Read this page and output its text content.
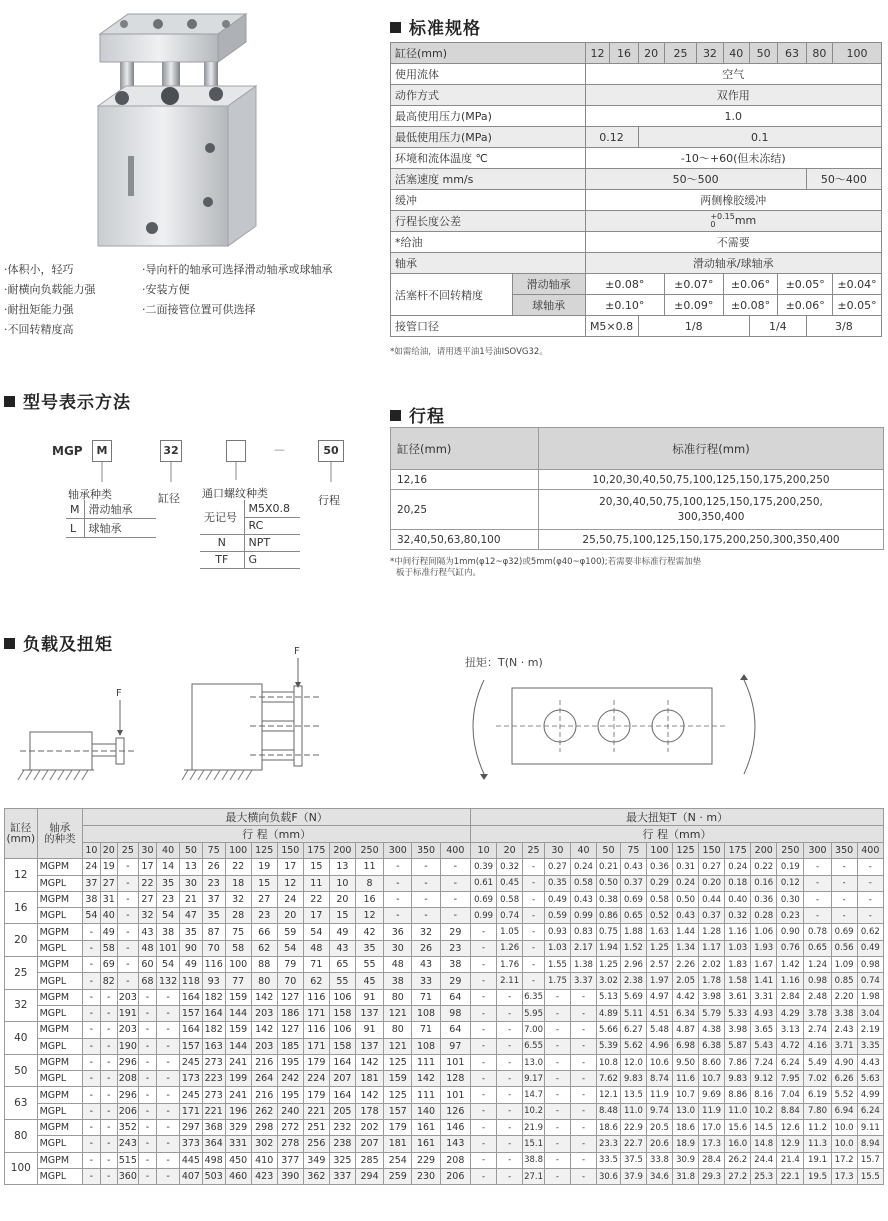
·体积小，轻巧
·耐横向负载能力强
·耐扭矩能力强
·不回转精度高
·导向杆的轴承可选择滑动轴承或球轴承
·安装方便
·二面接管位置可供选择
标准规格
缸径(mm)		12	16	20	25	32	40	50	63	80	100
使用流体		空气									
动作方式		双作用									
最高使用压力(MPa)		1.0									
最低使用压力(MPa)		0.12		0.1							
环境和流体温度 ℃		-10～+60(但未冻结)									
活塞速度 mm/s		50～500								50～400	
缓冲		两侧橡胶缓冲									
行程长度公差		+0.15
0 mm									
*给油		不需要									
轴承		滑动轴承/球轴承									
活塞杆不回转精度	滑动轴承	±0.08°			±0.07°		±0.06°		±0.05°		±0.04°
	球轴承	±0.10°			±0.09°		±0.08°		±0.06°		±0.05°
接管口径		M5×0.8		1/8				1/4		3/8	
*如需给油，请用透平油1号油ISOVG32。
型号表示方法
MGP	M	32	—	50
轴承种类
M	滑动轴承
L	球轴承
缸径 通口螺纹种类
无记号	M5X0.8
	RC
N	NPT
TF	G
行程
行程
缸径(mm)	标准行程(mm)
12,16	10,20,30,40,50,75,100,125,150,175,200,250
20,25	20,30,40,50,75,100,125,150,175,200,250,
300,350,400
32,40,50,63,80,100	25,50,75,100,125,150,175,200,250,300,350,400
*中间行程间隔为1mm(φ12~φ32)或5mm(φ40~φ100);若需要非标准行程需加垫
板于标准行程气缸内。
负载及扭矩
F
F
扭矩：T(N · m)
缸径
(mm)	轴承
的种类	最大横向负载F（N）																最大扭矩T（N · m）															
		行 程（mm）																行 程（mm）															
		10	20	25	30	40	50	75	100	125	150	175	200	250	300	350	400	10	20	25	30	40	50	75	100	125	150	175	200	250	300	350	400
12	MGPM	24	19	-	17	14	13	26	22	19	17	15	13	11	-	-	-	0.39	0.32	-	0.27	0.24	0.21	0.43	0.36	0.31	0.27	0.24	0.22	0.19	-	-	-
	MGPL	37	27	-	22	35	30	23	18	15	12	11	10	8	-	-	-	0.61	0.45	-	0.35	0.58	0.50	0.37	0.29	0.24	0.20	0.18	0.16	0.12	-	-	-
16	MGPM	38	31	-	27	23	21	37	32	27	24	22	20	16	-	-	-	0.69	0.58	-	0.49	0.43	0.38	0.69	0.58	0.50	0.44	0.40	0.36	0.30	-	-	-
	MGPL	54	40	-	32	54	47	35	28	23	20	17	15	12	-	-	-	0.99	0.74	-	0.59	0.99	0.86	0.65	0.52	0.43	0.37	0.32	0.28	0.23	-	-	-
20	MGPM	-	49	-	43	38	35	87	75	66	59	54	49	42	36	32	29	-	1.05	-	0.93	0.83	0.75	1.88	1.63	1.44	1.28	1.16	1.06	0.90	0.78	0.69	0.62
	MGPL	-	58	-	48	101	90	70	58	62	54	48	43	35	30	26	23	-	1.26	-	1.03	2.17	1.94	1.52	1.25	1.34	1.17	1.03	1.93	0.76	0.65	0.56	0.49
25	MGPM	-	69	-	60	54	49	116	100	88	79	71	65	55	48	43	38	-	1.76	-	1.55	1.38	1.25	2.96	2.57	2.26	2.02	1.83	1.67	1.42	1.24	1.09	0.98
	MGPL	-	82	-	68	132	118	93	77	80	70	62	55	45	38	33	29	-	2.11	-	1.75	3.37	3.02	2.38	1.97	2.05	1.78	1.58	1.41	1.16	0.98	0.85	0.74
32	MGPM	-	-	203	-	-	164	182	159	142	127	116	106	91	80	71	64	-	-	6.35	-	-	5.13	5.69	4.97	4.42	3.98	3.61	3.31	2.84	2.48	2.20	1.98
	MGPL	-	-	191	-	-	157	164	144	203	186	171	158	137	121	108	98	-	-	5.95	-	-	4.89	5.11	4.51	6.34	5.79	5.33	4.93	4.29	3.78	3.38	3.04
40	MGPM	-	-	203	-	-	164	182	159	142	127	116	106	91	80	71	64	-	-	7.00	-	-	5.66	6.27	5.48	4.87	4.38	3.98	3.65	3.13	2.74	2.43	2.19
	MGPL	-	-	190	-	-	157	163	144	203	185	171	158	137	121	108	97	-	-	6.55	-	-	5.39	5.62	4.96	6.98	6.38	5.87	5.43	4.72	4.16	3.71	3.35
50	MGPM	-	-	296	-	-	245	273	241	216	195	179	164	142	125	111	101	-	-	13.0	-	-	10.8	12.0	10.6	9.50	8.60	7.86	7.24	6.24	5.49	4.90	4.43
	MGPL	-	-	208	-	-	173	223	199	264	242	224	207	181	159	142	128	-	-	9.17	-	-	7.62	9.83	8.74	11.6	10.7	9.83	9.12	7.95	7.02	6.26	5.63
63	MGPM	-	-	296	-	-	245	273	241	216	195	179	164	142	125	111	101	-	-	14.7	-	-	12.1	13.5	11.9	10.7	9.69	8.86	8.16	7.04	6.19	5.52	4.99
	MGPL	-	-	206	-	-	171	221	196	262	240	221	205	178	157	140	126	-	-	10.2	-	-	8.48	11.0	9.74	13.0	11.9	11.0	10.2	8.84	7.80	6.94	6.24
80	MGPM	-	-	352	-	-	297	368	329	298	272	251	232	202	179	161	146	-	-	21.9	-	-	18.6	22.9	20.5	18.6	17.0	15.6	14.5	12.6	11.2	10.0	9.11
	MGPL	-	-	243	-	-	373	364	331	302	278	256	238	207	181	161	143	-	-	15.1	-	-	23.3	22.7	20.6	18.9	17.3	16.0	14.8	12.9	11.3	10.0	8.94
100	MGPM	-	-	515	-	-	445	498	450	410	377	349	325	285	254	229	208	-	-	38.8	-	-	33.5	37.5	33.8	30.9	28.4	26.2	24.4	21.4	19.1	17.2	15.7
	MGPL	-	-	360	-	-	407	503	460	423	390	362	337	294	259	230	206	-	-	27.1	-	-	30.6	37.9	34.6	31.8	29.3	27.2	25.3	22.1	19.5	17.3	15.5
